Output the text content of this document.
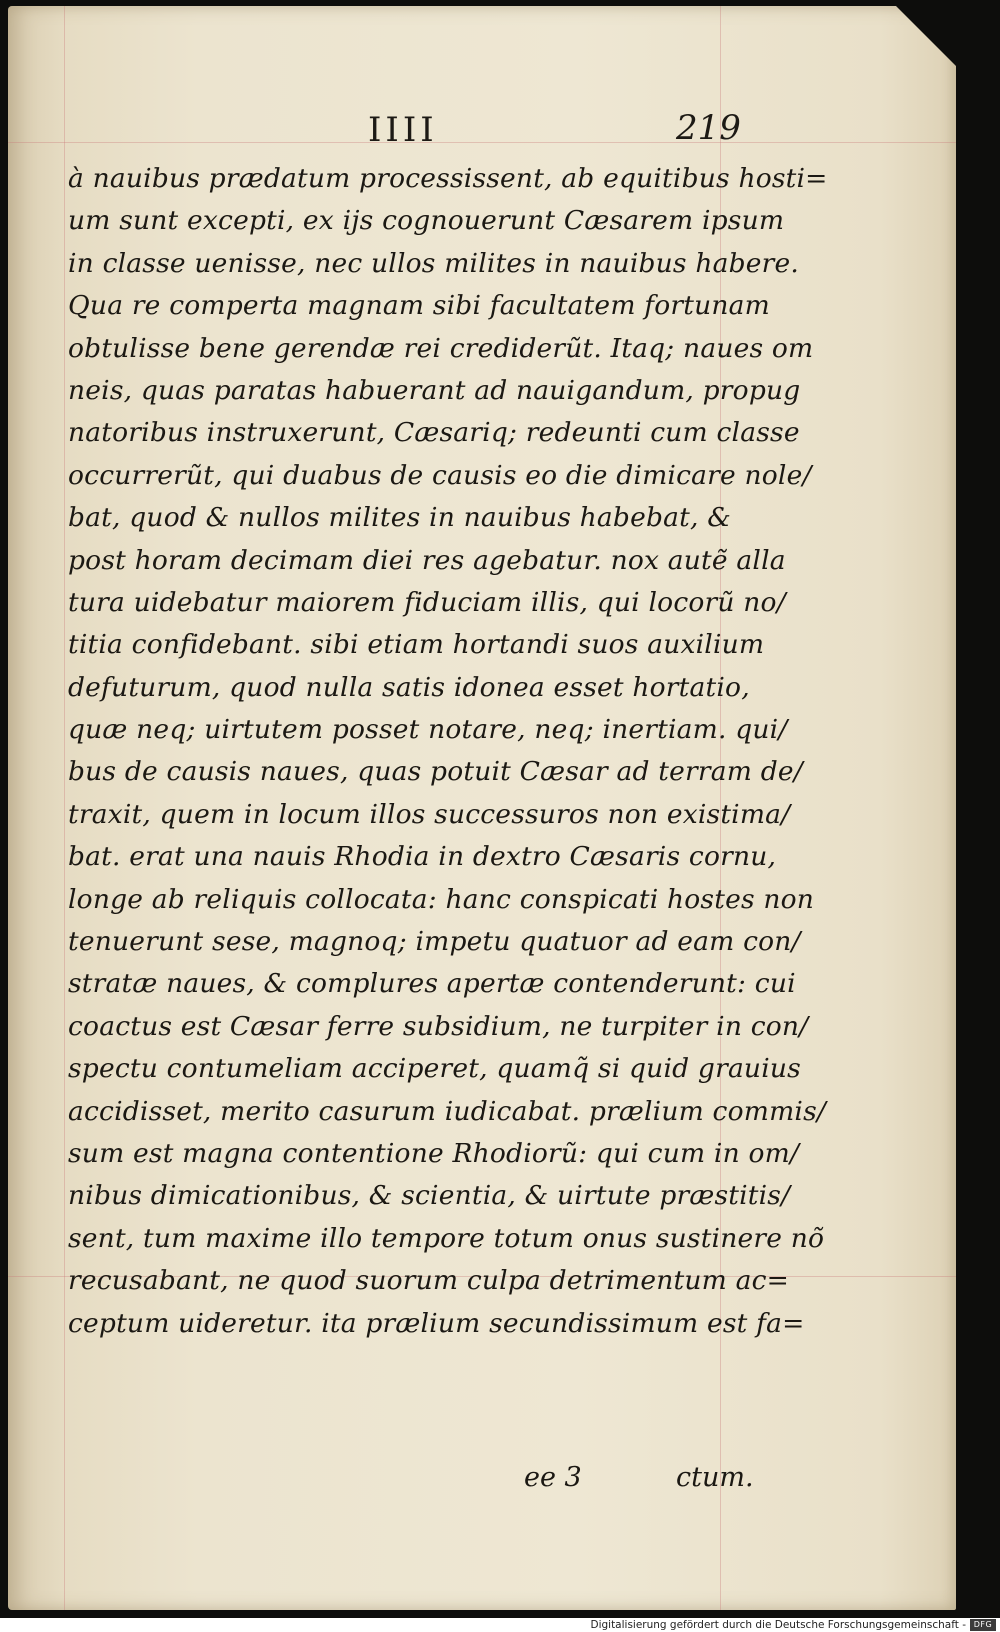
IIII	219
à nauibus prædatum processissent, ab equitibus hosti=
um sunt excepti, ex ijs cognouerunt Cæsarem ipsum
in classe uenisse, nec ullos milites in nauibus habere.
Qua re comperta magnam sibi facultatem fortunam
obtulisse bene gerendæ rei crediderũt. Itaq; naues om
neis, quas paratas habuerant ad nauigandum, propug
natoribus instruxerunt, Cæsariq; redeunti cum classe
occurrerũt, qui duabus de causis eo die dimicare nole/
bat, quod & nullos milites in nauibus habebat, &
post horam decimam diei res agebatur. nox autẽ alla
tura uidebatur maiorem fiduciam illis, qui locorũ no/
titia confidebant. sibi etiam hortandi suos auxilium
defuturum, quod nulla satis idonea esset hortatio,
quæ neq; uirtutem posset notare, neq; inertiam. qui/
bus de causis naues, quas potuit Cæsar ad terram de/
traxit, quem in locum illos successuros non existima/
bat. erat una nauis Rhodia in dextro Cæsaris cornu,
longe ab reliquis collocata: hanc conspicati hostes non
tenuerunt sese, magnoq; impetu quatuor ad eam con/
stratæ naues, & complures apertæ contenderunt: cui
coactus est Cæsar ferre subsidium, ne turpiter in con/
spectu contumeliam acciperet, quamq̃ si quid grauius
accidisset, merito casurum iudicabat. prælium commis/
sum est magna contentione Rhodiorũ: qui cum in om/
nibus dimicationibus, & scientia, & uirtute præstitis/
sent, tum maxime illo tempore totum onus sustinere nõ
recusabant, ne quod suorum culpa detrimentum ac=
ceptum uideretur. ita prælium secundissimum est fa=
ee 3	ctum.
Digitalisierung gefördert durch die Deutsche Forschungsgemeinschaft - DFG
